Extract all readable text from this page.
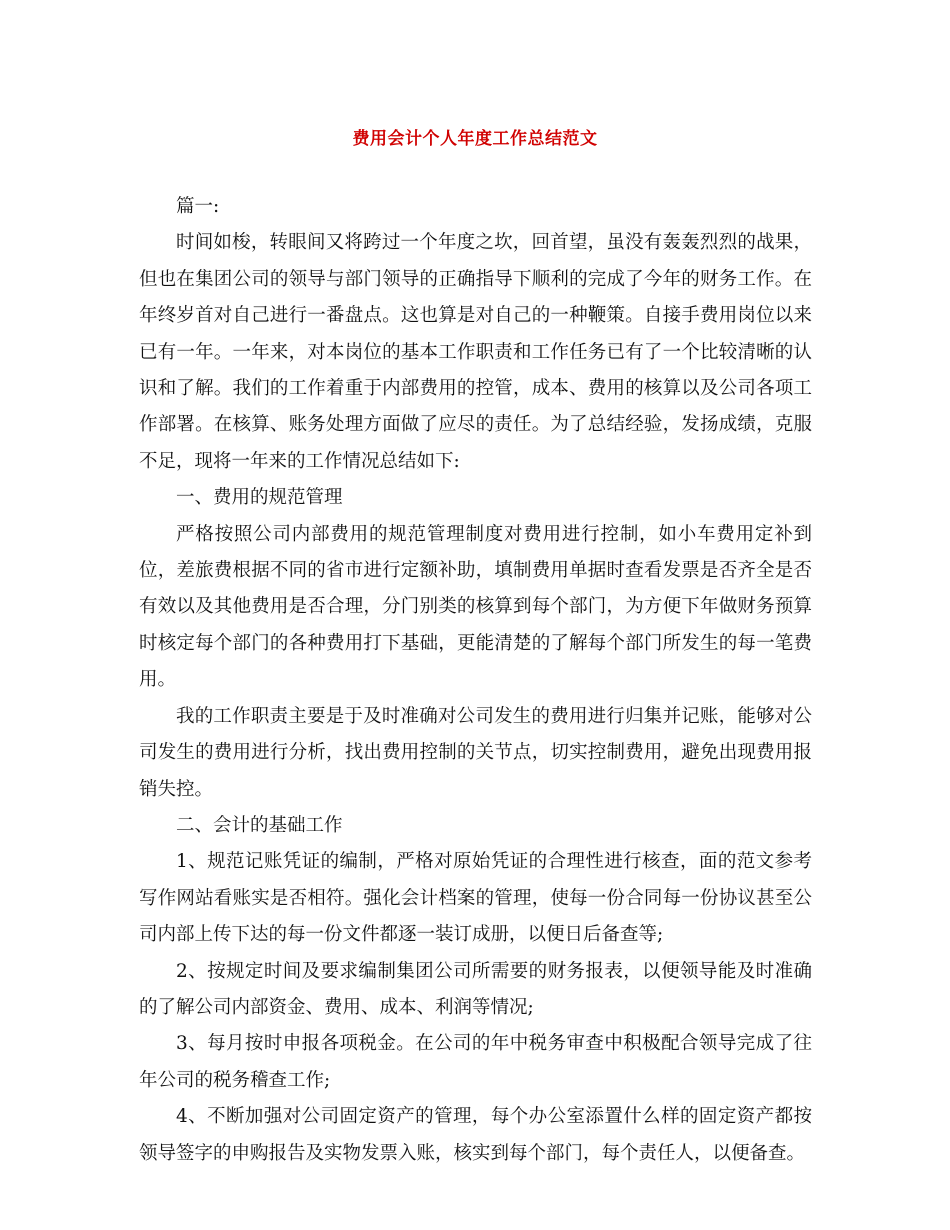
费用会计个人年度工作总结范文

篇一:

时间如梭，转眼间又将跨过一个年度之坎，回首望，虽没有轰轰烈烈的战果，但也在集团公司的领导与部门领导的正确指导下顺利的完成了今年的财务工作。在年终岁首对自己进行一番盘点。这也算是对自己的一种鞭策。自接手费用岗位以来已有一年。一年来，对本岗位的基本工作职责和工作任务已有了一个比较清晰的认识和了解。我们的工作着重于内部费用的控管，成本、费用的核算以及公司各项工作部署。在核算、账务处理方面做了应尽的责任。为了总结经验，发扬成绩，克服不足，现将一年来的工作情况总结如下:

一、费用的规范管理

严格按照公司内部费用的规范管理制度对费用进行控制，如小车费用定补到位，差旅费根据不同的省市进行定额补助，填制费用单据时查看发票是否齐全是否有效以及其他费用是否合理，分门别类的核算到每个部门，为方便下年做财务预算时核定每个部门的各种费用打下基础，更能清楚的了解每个部门所发生的每一笔费用。

我的工作职责主要是于及时准确对公司发生的费用进行归集并记账，能够对公司发生的费用进行分析，找出费用控制的关节点，切实控制费用，避免出现费用报销失控。

二、会计的基础工作

1、规范记账凭证的编制，严格对原始凭证的合理性进行核查，面的范文参考写作网站看账实是否相符。强化会计档案的管理，使每一份合同每一份协议甚至公司内部上传下达的每一份文件都逐一装订成册，以便日后备查等;

2、按规定时间及要求编制集团公司所需要的财务报表，以便领导能及时准确的了解公司内部资金、费用、成本、利润等情况;

3、每月按时申报各项税金。在公司的年中税务审查中积极配合领导完成了往年公司的税务稽查工作;

4、不断加强对公司固定资产的管理，每个办公室添置什么样的固定资产都按领导签字的申购报告及实物发票入账，核实到每个部门，每个责任人，以便备查。
